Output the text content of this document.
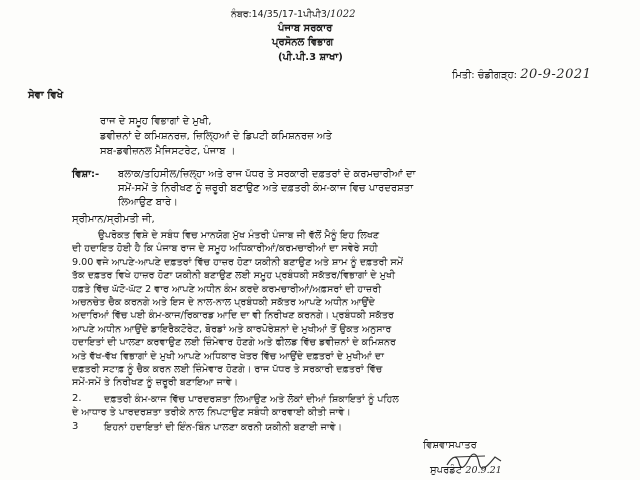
ਨੰਬਰ:14/35/17-1ਪੀਪੀ3/1022
ਪੰਜਾਬ ਸਰਕਾਰ
ਪ੍ਰਸੋਨਲ ਵਿਭਾਗ
(ਪੀ.ਪੀ.3 ਸ਼ਾਖਾ)
ਮਿਤੀ: ਚੰਡੀਗੜ੍ਹ: 20-9-2021
ਸੇਵਾ ਵਿਖੇ
ਰਾਜ ਦੇ ਸਮੂਹ ਵਿਭਾਗਾਂ ਦੇ ਮੁਖੀ,
ਡਵੀਜ਼ਨਾਂ ਦੇ ਕਮਿਸ਼ਨਰਜ਼, ਜ਼ਿਲ੍ਹਿਆਂ ਦੇ ਡਿਪਟੀ ਕਮਿਸ਼ਨਰਜ਼ ਅਤੇ
ਸਬ-ਡਵੀਜ਼ਨਲ ਮੈਜਿਸਟਰੇਟ, ਪੰਜਾਬ ।
ਵਿਸ਼ਾ:- ਬਲਾਕ/ਤਹਿਸੀਲ/ਜ਼ਿਲ੍ਹਾ ਅਤੇ ਰਾਜ ਪੱਧਰ ਤੇ ਸਰਕਾਰੀ ਦਫ਼ਤਰਾਂ ਦੇ ਕਰਮਚਾਰੀਆਂ ਦਾ
ਸਮੇਂ-ਸਮੇਂ ਤੇ ਨਿਰੀਖਣ ਨੂੰ ਜ਼ਰੂਰੀ ਬਣਾਉਣ ਅਤੇ ਦਫ਼ਤਰੀ ਕੰਮ-ਕਾਜ ਵਿਚ ਪਾਰਦਰਸ਼ਤਾ
ਲਿਆਉਣ ਬਾਰੇ।
ਸ੍ਰੀਮਾਨ/ਸ੍ਰੀਮਤੀ ਜੀ,
ਉਪਰੋਕਤ ਵਿਸ਼ੇ ਦੇ ਸਬੰਧ ਵਿਚ ਮਾਨਯੋਗ ਮੁੱਖ ਮੰਤਰੀ ਪੰਜਾਬ ਜੀ ਵੱਲੋਂ ਮੈਨੂੰ ਇਹ ਲਿਖਣ
ਦੀ ਹਦਾਇਤ ਹੋਈ ਹੈ ਕਿ ਪੰਜਾਬ ਰਾਜ ਦੇ ਸਮੂਹ ਅਧਿਕਾਰੀਆਂ/ਕਰਮਚਾਰੀਆਂ ਦਾ ਸਵੇਰੇ ਸਹੀ
9.00 ਵਜੇ ਆਪਣੇ-ਆਪਣੇ ਦਫ਼ਤਰਾਂ ਵਿੱਚ ਹਾਜ਼ਰ ਹੋਣਾ ਯਕੀਨੀ ਬਣਾਉਣ ਅਤੇ ਸ਼ਾਮ ਨੂੰ ਦਫ਼ਤਰੀ ਸਮੇਂ
ਤੱਕ ਦਫ਼ਤਰ ਵਿਖੇ ਹਾਜ਼ਰ ਹੋਣਾ ਯਕੀਨੀ ਬਣਾਉਣ ਲਈ ਸਮੂਹ ਪ੍ਰਬੰਧਕੀ ਸਕੱਤਰ/ਵਿਭਾਗਾਂ ਦੇ ਮੁਖੀ
ਹਫ਼ਤੇ ਵਿੱਚ ਘੱਟੋ-ਘੱਟ 2 ਵਾਰ ਆਪਣੇ ਅਧੀਨ ਕੰਮ ਕਰਦੇ ਕਰਮਚਾਰੀਆਂ/ਅਫ਼ਸਰਾਂ ਦੀ ਹਾਜ਼ਰੀ
ਅਚਨਚੇਤ ਚੈਕ ਕਰਨਗੇ ਅਤੇ ਇਸ ਦੇ ਨਾਲ-ਨਾਲ ਪ੍ਰਬੰਧਕੀ ਸਕੱਤਰ ਆਪਣੇ ਅਧੀਨ ਆਉਂਦੇ
ਅਦਾਰਿਆਂ ਵਿੱਚ ਪਈ ਕੰਮ-ਕਾਜ/ਰਿਕਾਰਡ ਆਦਿ ਦਾ ਵੀ ਨਿਰੀਖਣ ਕਰਨਗੇ। ਪ੍ਰਬੰਧਕੀ ਸਕੱਤਰ
ਆਪਣੇ ਅਧੀਨ ਆਉਂਦੇ ਡਾਇਰੈਕਟੋਰੇਟ, ਬੋਰਡਾਂ ਅਤੇ ਕਾਰਪੋਰੇਸ਼ਨਾਂ ਦੇ ਮੁਖੀਆਂ ਤੋਂ ਉਕਤ ਅਨੁਸਾਰ
ਹਦਾਇਤਾਂ ਦੀ ਪਾਲਣਾ ਕਰਵਾਉਣ ਲਈ ਜ਼ਿੰਮੇਵਾਰ ਹੋਣਗੇ ਅਤੇ ਫੀਲਡ ਵਿੱਚ ਡਵੀਜ਼ਨਾਂ ਦੇ ਕਮਿਸ਼ਨਰ
ਅਤੇ ਵੱਖ-ਵੱਖ ਵਿਭਾਗਾਂ ਦੇ ਮੁਖੀ ਆਪਣੇ ਅਧਿਕਾਰ ਖੇਤਰ ਵਿੱਚ ਆਉਂਦੇ ਦਫ਼ਤਰਾਂ ਦੇ ਮੁਖੀਆਂ ਦਾ
ਦਫ਼ਤਰੀ ਸਟਾਫ਼ ਨੂੰ ਚੈਕ ਕਰਨ ਲਈ ਜ਼ਿੰਮੇਵਾਰ ਹੋਣਗੇ। ਰਾਜ ਪੱਧਰ ਤੇ ਸਰਕਾਰੀ ਦਫ਼ਤਰਾਂ ਵਿੱਚ
ਸਮੇਂ-ਸਮੇਂ ਤੇ ਨਿਰੀਖਣ ਨੂੰ ਜ਼ਰੂਰੀ ਬਣਾਇਆ ਜਾਵੇ।
2.	ਦਫ਼ਤਰੀ ਕੰਮ-ਕਾਜ ਵਿੱਚ ਪਾਰਦਰਸ਼ਤਾ ਲਿਆਉਣ ਅਤੇ ਲੋਕਾਂ ਦੀਆਂ ਸ਼ਿਕਾਇਤਾਂ ਨੂੰ ਪਹਿਲ
ਦੇ ਆਧਾਰ ਤੇ ਪਾਰਦਰਸ਼ਤਾ ਤਰੀਕੇ ਨਾਲ ਨਿਪਟਾਉਣ ਸਬੰਧੀ ਕਾਰਵਾਈ ਕੀਤੀ ਜਾਵੇ।
3	ਇਹਨਾਂ ਹਦਾਇਤਾਂ ਦੀ ਇੰਨ-ਬਿੰਨ ਪਾਲਣਾ ਕਰਨੀ ਯਕੀਨੀ ਬਣਾਈ ਜਾਵੇ।
ਵਿਸ਼ਵਾਸਪਾਤਰ
ਸੁਪਰਡੰਟ 20.9.21
